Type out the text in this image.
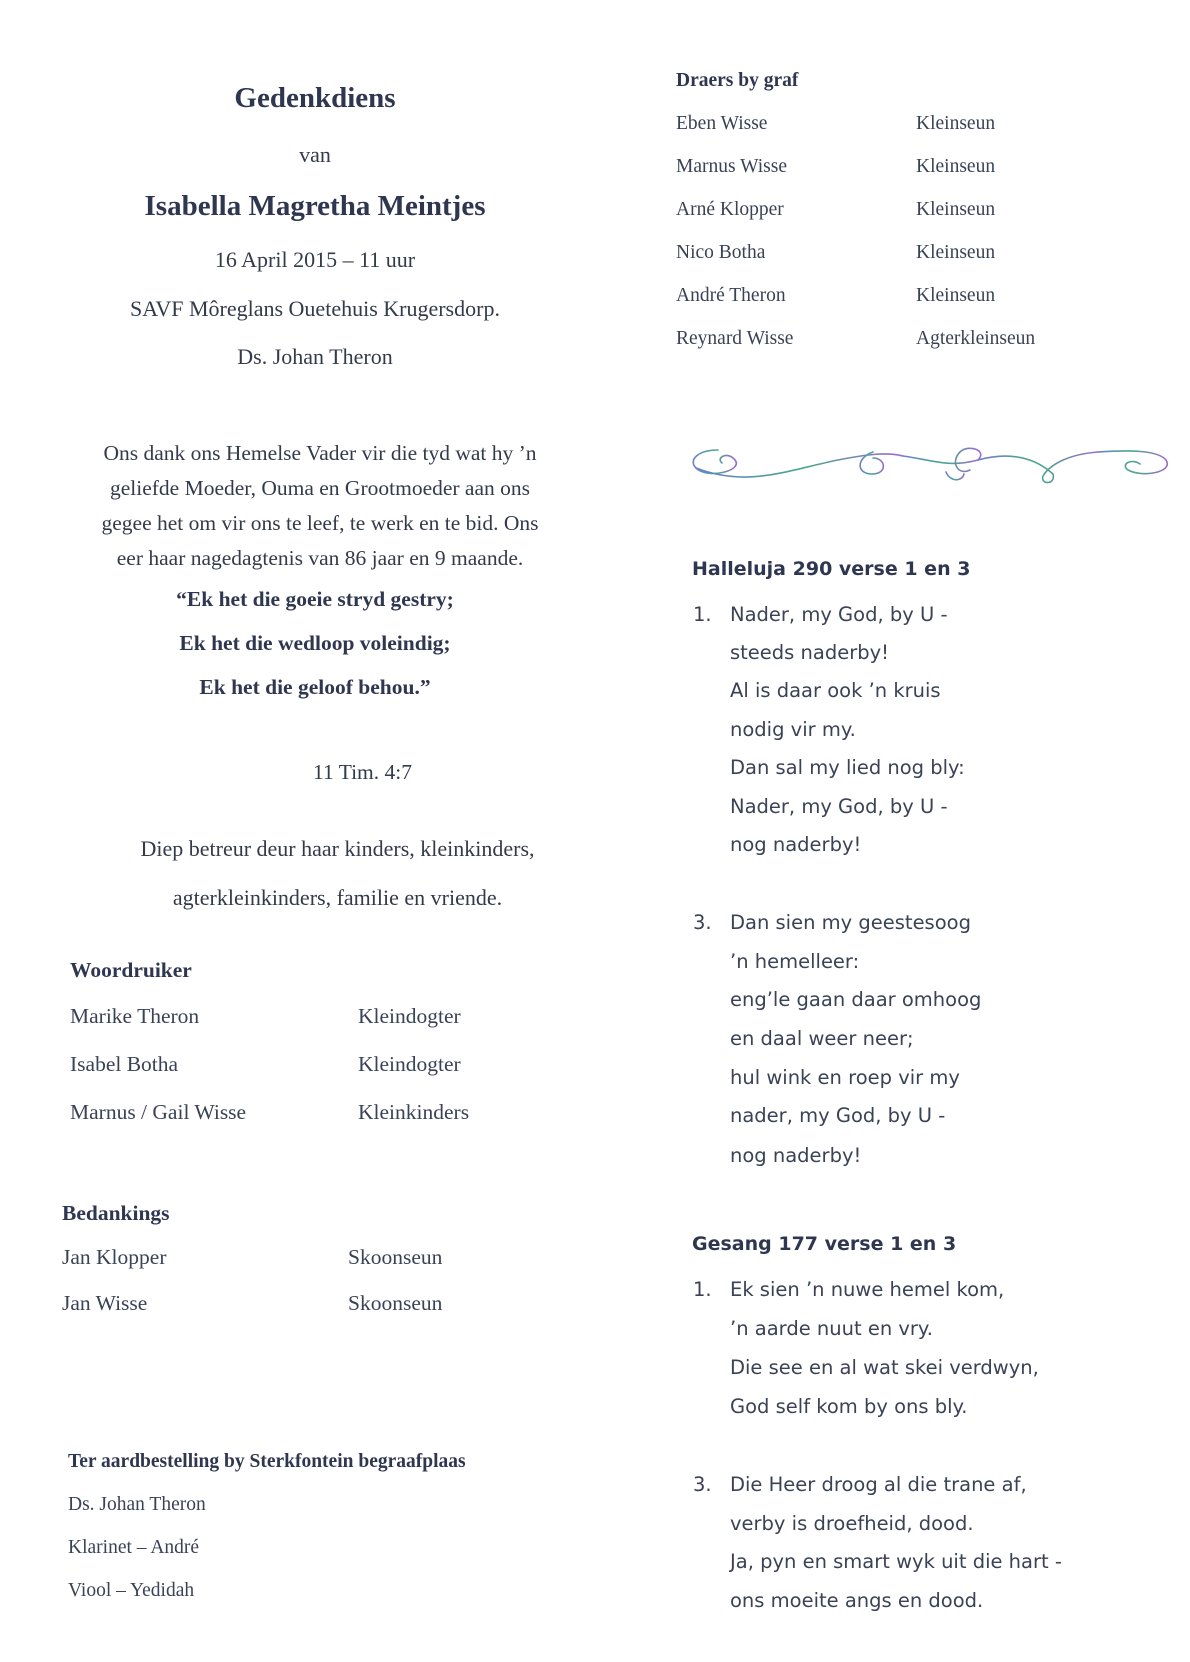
Gedenkdiens
van
Isabella Magretha Meintjes
16 April 2015 – 11 uur
SAVF Môreglans Ouetehuis Krugersdorp.
Ds. Johan Theron
Ons dank ons Hemelse Vader vir die tyd wat hy ’n
geliefde Moeder, Ouma en Grootmoeder aan ons
gegee het om vir ons te leef, te werk en te bid. Ons
eer haar nagedagtenis van 86 jaar en 9 maande.
“Ek het die goeie stryd gestry;
Ek het die wedloop voleindig;
Ek het die geloof behou.”
11 Tim. 4:7
Diep betreur deur haar kinders, kleinkinders,
agterkleinkinders, familie en vriende.
Woordruiker
Marike Theron	Kleindogter
Isabel Botha	Kleindogter
Marnus / Gail Wisse	Kleinkinders
Bedankings
Jan Klopper	Skoonseun
Jan Wisse	Skoonseun
Ter aardbestelling by Sterkfontein begraafplaas
Ds. Johan Theron
Klarinet – André
Viool – Yedidah
Draers by graf
Eben Wisse	Kleinseun
Marnus Wisse	Kleinseun
Arné Klopper	Kleinseun
Nico Botha	Kleinseun
André Theron	Kleinseun
Reynard Wisse	Agterkleinseun
Halleluja 290 verse 1 en 3
1. Nader, my God, by U -
steeds naderby!
Al is daar ook ’n kruis
nodig vir my.
Dan sal my lied nog bly:
Nader, my God, by U -
nog naderby!
3. Dan sien my geestesoog
’n hemelleer:
eng’le gaan daar omhoog
en daal weer neer;
hul wink en roep vir my
nader, my God, by U -
nog naderby!
Gesang 177 verse 1 en 3
1. Ek sien ’n nuwe hemel kom,
’n aarde nuut en vry.
Die see en al wat skei verdwyn,
God self kom by ons bly.
3. Die Heer droog al die trane af,
verby is droefheid, dood.
Ja, pyn en smart wyk uit die hart -
ons moeite angs en dood.
